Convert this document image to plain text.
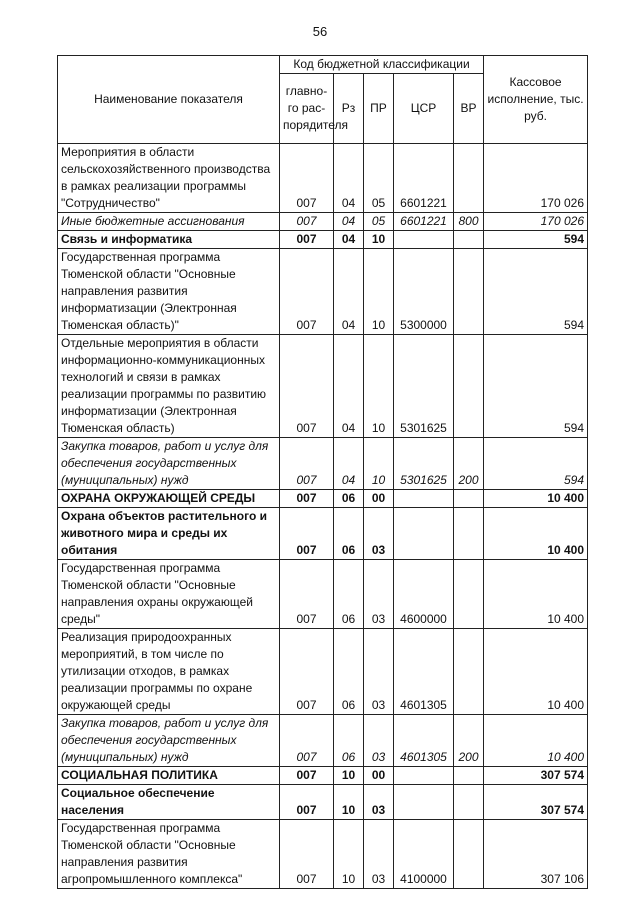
56
Наименование показателя	Код бюджетной классификации					Кассовое исполнение, тыс. руб.
	главно-го рас-порядителя	Рз	ПР	ЦСР	ВР	
Мероприятия в области сельскохозяйственного производства в рамках реализации программы "Сотрудничество"	007	04	05	6601221		170 026
Иные бюджетные ассигнования	007	04	05	6601221	800	170 026
Связь и информатика	007	04	10			594
Государственная программа Тюменской области "Основные направления развития информатизации (Электронная Тюменская область)"	007	04	10	5300000		594
Отдельные мероприятия в области информационно-коммуникационных технологий и связи в рамках реализации программы по развитию информатизации (Электронная Тюменская область)	007	04	10	5301625		594
Закупка товаров, работ и услуг для обеспечения государственных (муниципальных) нужд	007	04	10	5301625	200	594
ОХРАНА ОКРУЖАЮЩЕЙ СРЕДЫ	007	06	00			10 400
Охрана объектов растительного и животного мира и среды их обитания	007	06	03			10 400
Государственная программа Тюменской области "Основные направления охраны окружающей среды"	007	06	03	4600000		10 400
Реализация природоохранных мероприятий, в том числе по утилизации отходов, в рамках реализации программы по охране окружающей среды	007	06	03	4601305		10 400
Закупка товаров, работ и услуг для обеспечения государственных (муниципальных) нужд	007	06	03	4601305	200	10 400
СОЦИАЛЬНАЯ ПОЛИТИКА	007	10	00			307 574
Социальное обеспечение населения	007	10	03			307 574
Государственная программа Тюменской области "Основные направления развития агропромышленного комплекса"	007	10	03	4100000		307 106
